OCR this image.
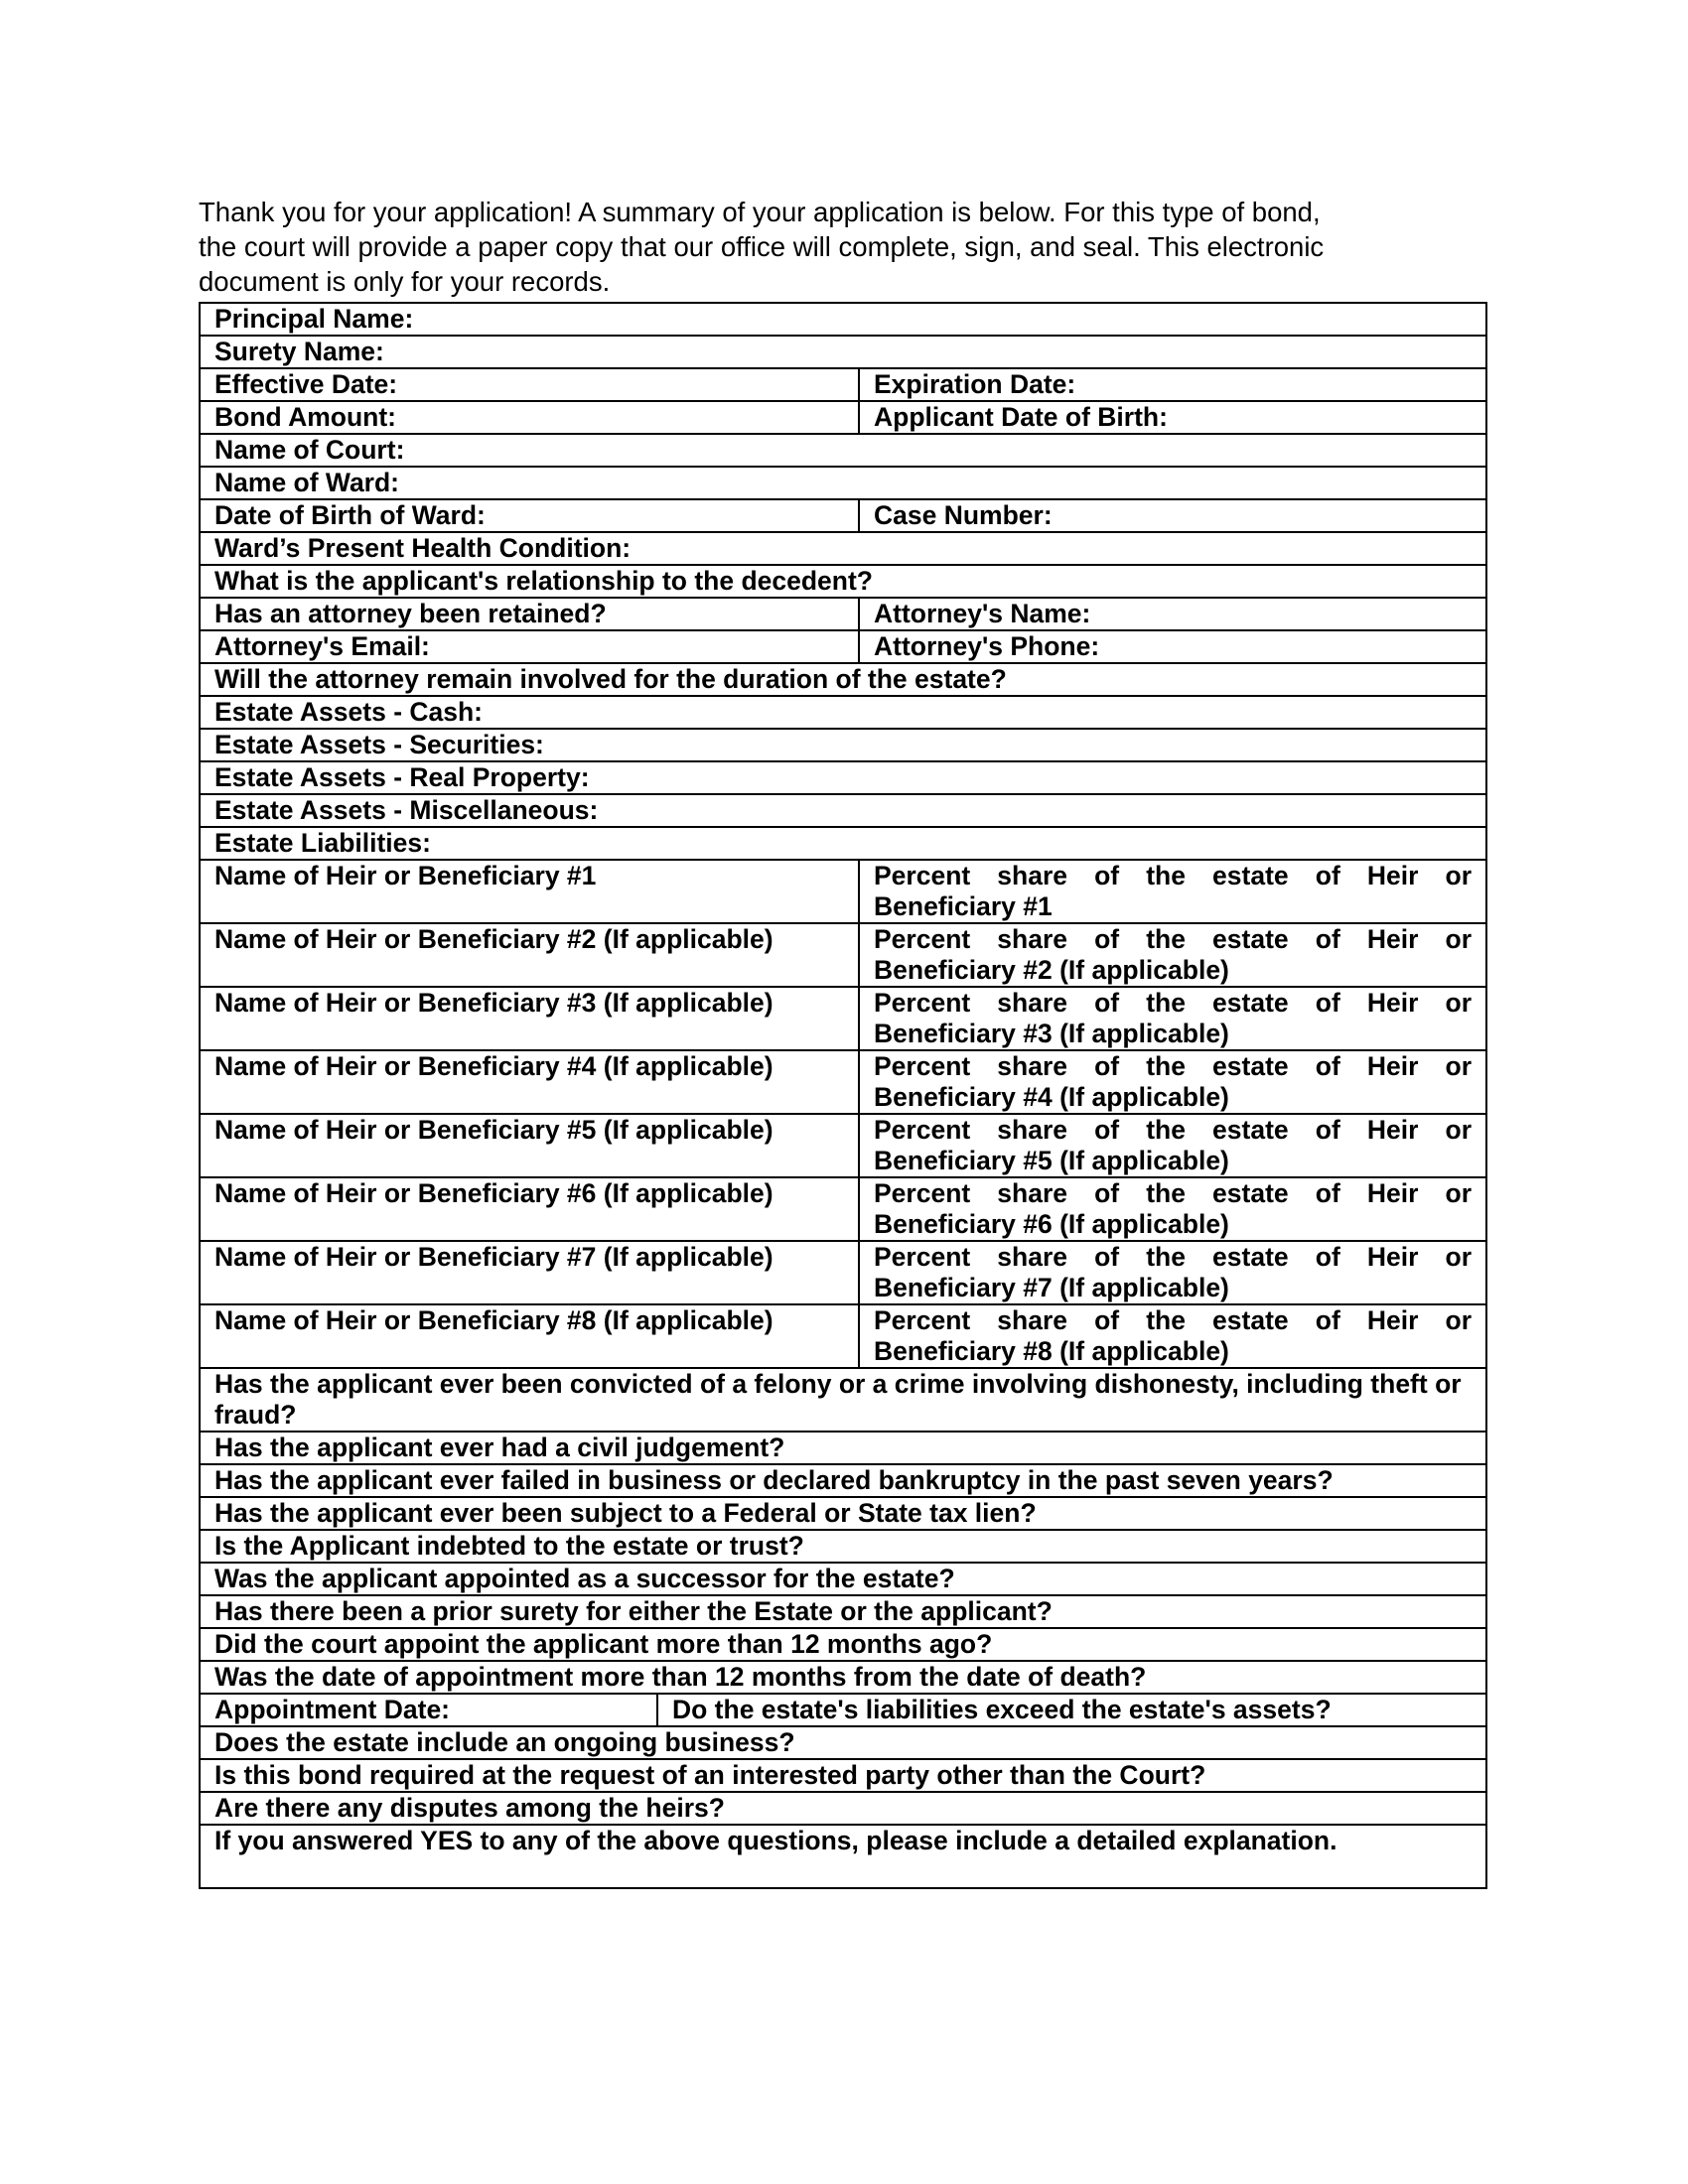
Thank you for your application! A summary of your application is below. For this type of bond,
the court will provide a paper copy that our office will complete, sign, and seal. This electronic
document is only for your records.
Principal Name:
Surety Name:
Effective Date:	Expiration Date:
Bond Amount:	Applicant Date of Birth:
Name of Court:
Name of Ward:
Date of Birth of Ward:	Case Number:
Ward’s Present Health Condition:
What is the applicant's relationship to the decedent?
Has an attorney been retained?	Attorney's Name:
Attorney's Email:	Attorney's Phone:
Will the attorney remain involved for the duration of the estate?
Estate Assets - Cash:
Estate Assets - Securities:
Estate Assets - Real Property:
Estate Assets - Miscellaneous:
Estate Liabilities:
Name of Heir or Beneficiary #1	Percent share of the estate of Heir or Beneficiary #1
Name of Heir or Beneficiary #2 (If applicable)	Percent share of the estate of Heir or Beneficiary #2 (If applicable)
Name of Heir or Beneficiary #3 (If applicable)	Percent share of the estate of Heir or Beneficiary #3 (If applicable)
Name of Heir or Beneficiary #4 (If applicable)	Percent share of the estate of Heir or Beneficiary #4 (If applicable)
Name of Heir or Beneficiary #5 (If applicable)	Percent share of the estate of Heir or Beneficiary #5 (If applicable)
Name of Heir or Beneficiary #6 (If applicable)	Percent share of the estate of Heir or Beneficiary #6 (If applicable)
Name of Heir or Beneficiary #7 (If applicable)	Percent share of the estate of Heir or Beneficiary #7 (If applicable)
Name of Heir or Beneficiary #8 (If applicable)	Percent share of the estate of Heir or Beneficiary #8 (If applicable)
Has the applicant ever been convicted of a felony or a crime involving dishonesty, including theft or fraud?
Has the applicant ever had a civil judgement?
Has the applicant ever failed in business or declared bankruptcy in the past seven years?
Has the applicant ever been subject to a Federal or State tax lien?
Is the Applicant indebted to the estate or trust?
Was the applicant appointed as a successor for the estate?
Has there been a prior surety for either the Estate or the applicant?
Did the court appoint the applicant more than 12 months ago?
Was the date of appointment more than 12 months from the date of death?

Appointment Date:	Do the estate's liabilities exceed the estate's assets?

Does the estate include an ongoing business?
Is this bond required at the request of an interested party other than the Court?
Are there any disputes among the heirs?
If you answered YES to any of the above questions, please include a detailed explanation.
